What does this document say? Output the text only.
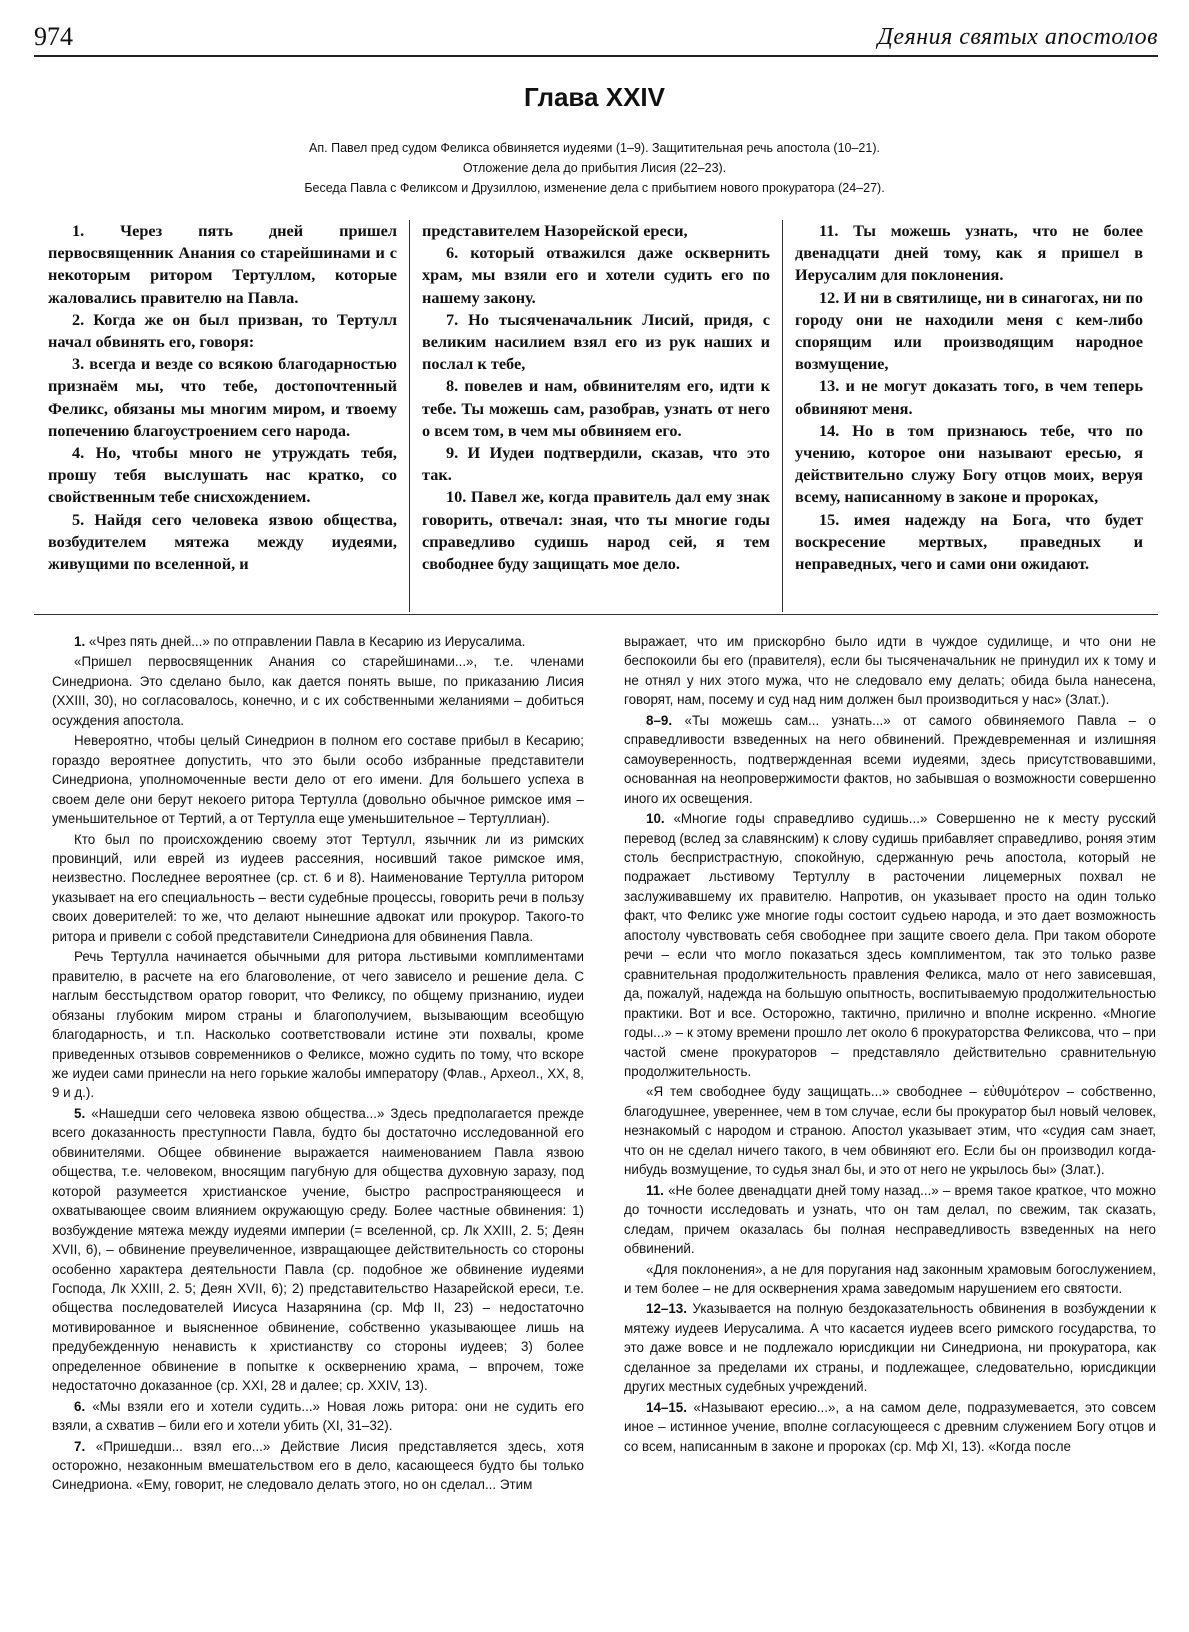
974	Деяния святых апостолов
Глава XXIV
Ап. Павел пред судом Феликса обвиняется иудеями (1–9). Защитительная речь апостола (10–21).
Отложение дела до прибытия Лисия (22–23).
Беседа Павла с Феликсом и Друзиллою, изменение дела с прибытием нового прокуратора (24–27).

1. Через пять дней пришел первосвященник Анания со старейшинами и с некоторым ритором Тертуллом, которые жаловались правителю на Павла.

2. Когда же он был призван, то Тертулл начал обвинять его, говоря:

3. всегда и везде со всякою благодарностью признаём мы, что тебе, достопочтенный Феликс, обязаны мы многим миром, и твоему попечению благоустроением сего народа.

4. Но, чтобы много не утруждать тебя, прошу тебя выслушать нас кратко, со свойственным тебе снисхождением.

5. Найдя сего человека язвою общества, возбудителем мятежа между иудеями, живущими по вселенной, и

представителем Назорейской ереси,

6. который отважился даже осквернить храм, мы взяли его и хотели судить его по нашему закону.

7. Но тысяченачальник Лисий, придя, с великим насилием взял его из рук наших и послал к тебе,

8. повелев и нам, обвинителям его, идти к тебе. Ты можешь сам, разобрав, узнать от него о всем том, в чем мы обвиняем его.

9. И Иудеи подтвердили, сказав, что это так.

10. Павел же, когда правитель дал ему знак говорить, отвечал: зная, что ты многие годы справедливо судишь народ сей, я тем свободнее буду защищать мое дело.

11. Ты можешь узнать, что не более двенадцати дней тому, как я пришел в Иерусалим для поклонения.

12. И ни в святилище, ни в синагогах, ни по городу они не находили меня с кем-либо спорящим или производящим народное возмущение,

13. и не могут доказать того, в чем теперь обвиняют меня.

14. Но в том признаюсь тебе, что по учению, которое они называют ересью, я действительно служу Богу отцов моих, веруя всему, написанному в законе и пророках,

15. имея надежду на Бога, что будет воскресение мертвых, праведных и неправедных, чего и сами они ожидают.

1. «Чрез пять дней...» по отправлении Павла в Кесарию из Иерусалима.

«Пришел первосвященник Анания со старейшинами...», т.е. членами Синедриона. Это сделано было, как дается понять выше, по приказанию Лисия (XXIII, 30), но согласовалось, конечно, и с их собственными желаниями – добиться осуждения апостола.

Невероятно, чтобы целый Синедрион в полном его составе прибыл в Кесарию; гораздо вероятнее допустить, что это были особо избранные представители Синедриона, уполномоченные вести дело от его имени. Для большего успеха в своем деле они берут некоего ритора Тертулла (довольно обычное римское имя – уменьшительное от Тертий, а от Тертулла еще уменьшительное – Тертуллиан).

Кто был по происхождению своему этот Тертулл, язычник ли из римских провинций, или еврей из иудеев рассеяния, носивший такое римское имя, неизвестно. Последнее вероятнее (ср. ст. 6 и 8). Наименование Тертулла ритором указывает на его специальность – вести судебные процессы, говорить речи в пользу своих доверителей: то же, что делают нынешние адвокат или прокурор. Такого-то ритора и привели с собой представители Синедриона для обвинения Павла.

Речь Тертулла начинается обычными для ритора льстивыми комплиментами правителю, в расчете на его благоволение, от чего зависело и решение дела. С наглым бесстыдством оратор говорит, что Феликсу, по общему признанию, иудеи обязаны глубоким миром страны и благополучием, вызывающим всеобщую благодарность, и т.п. Насколько соответствовали истине эти похвалы, кроме приведенных отзывов современников о Феликсе, можно судить по тому, что вскоре же иудеи сами принесли на него горькие жалобы императору (Флав., Археол., XX, 8, 9 и д.).

5. «Нашедши сего человека язвою общества...» Здесь предполагается прежде всего доказанность преступности Павла, будто бы достаточно исследованной его обвинителями. Общее обвинение выражается наименованием Павла язвою общества, т.е. человеком, вносящим пагубную для общества духовную заразу, под которой разумеется христианское учение, быстро распространяющееся и охватывающее своим влиянием окружающую среду. Более частные обвинения: 1) возбуждение мятежа между иудеями империи (= вселенной, ср. Лк XXIII, 2. 5; Деян XVII, 6), – обвинение преувеличенное, извращающее действительность со стороны особенно характера деятельности Павла (ср. подобное же обвинение иудеями Господа, Лк XXIII, 2. 5; Деян XVII, 6); 2) представительство Назарейской ереси, т.е. общества последователей Иисуса Назарянина (ср. Мф II, 23) – недостаточно мотивированное и выясненное обвинение, собственно указывающее лишь на предубежденную ненависть к христианству со стороны иудеев; 3) более определенное обвинение в попытке к осквернению храма, – впрочем, тоже недостаточно доказанное (ср. XXI, 28 и далее; ср. XXIV, 13).

6. «Мы взяли его и хотели судить...» Новая ложь ритора: они не судить его взяли, а схватив – били его и хотели убить (XI, 31–32).

7. «Пришедши... взял его...» Действие Лисия представляется здесь, хотя осторожно, незаконным вмешательством его в дело, касающееся будто бы только Синедриона. «Ему, говорит, не следовало делать этого, но он сделал... Этим

выражает, что им прискорбно было идти в чуждое судилище, и что они не беспокоили бы его (правителя), если бы тысяченачальник не принудил их к тому и не отнял у них этого мужа, что не следовало ему делать; обида была нанесена, говорят, нам, посему и суд над ним должен был производиться у нас» (Злат.).

8–9. «Ты можешь сам... узнать...» от самого обвиняемого Павла – о справедливости взведенных на него обвинений. Преждевременная и излишняя самоуверенность, подтвержденная всеми иудеями, здесь присутствовавшими, основанная на неопровержимости фактов, но забывшая о возможности совершенно иного их освещения.

10. «Многие годы справедливо судишь...» Совершенно не к месту русский перевод (вслед за славянским) к слову судишь прибавляет справедливо, роняя этим столь беспристрастную, спокойную, сдержанную речь апостола, который не подражает льстивому Тертуллу в расточении лицемерных похвал не заслуживавшему их правителю. Напротив, он указывает просто на один только факт, что Феликс уже многие годы состоит судьею народа, и это дает возможность апостолу чувствовать себя свободнее при защите своего дела. При таком обороте речи – если что могло показаться здесь комплиментом, так это только разве сравнительная продолжительность правления Феликса, мало от него зависевшая, да, пожалуй, надежда на большую опытность, воспитываемую продолжительностью практики. Вот и все. Осторожно, тактично, прилично и вполне искренно. «Многие годы...» – к этому времени прошло лет около 6 прокураторства Феликсова, что – при частой смене прокураторов – представляло действительно сравнительную продолжительность.

«Я тем свободнее буду защищать...» свободнее – εὐθυμότερον – собственно, благодушнее, увереннее, чем в том случае, если бы прокуратор был новый человек, незнакомый с народом и страною. Апостол указывает этим, что «судия сам знает, что он не сделал ничего такого, в чем обвиняют его. Если бы он производил когда-нибудь возмущение, то судья знал бы, и это от него не укрылось бы» (Злат.).

11. «Не более двенадцати дней тому назад...» – время такое краткое, что можно до точности исследовать и узнать, что он там делал, по свежим, так сказать, следам, причем оказалась бы полная несправедливость взведенных на него обвинений.

«Для поклонения», а не для поругания над законным храмовым богослужением, и тем более – не для осквернения храма заведомым нарушением его святости.

12–13. Указывается на полную бездоказательность обвинения в возбуждении к мятежу иудеев Иерусалима. А что касается иудеев всего римского государства, то это даже вовсе и не подлежало юрисдикции ни Синедриона, ни прокуратора, как сделанное за пределами их страны, и подлежащее, следовательно, юрисдикции других местных судебных учреждений.

14–15. «Называют ересию...», а на самом деле, подразумевается, это совсем иное – истинное учение, вполне согласующееся с древним служением Богу отцов и со всем, написанным в законе и пророках (ср. Мф XI, 13). «Когда после
